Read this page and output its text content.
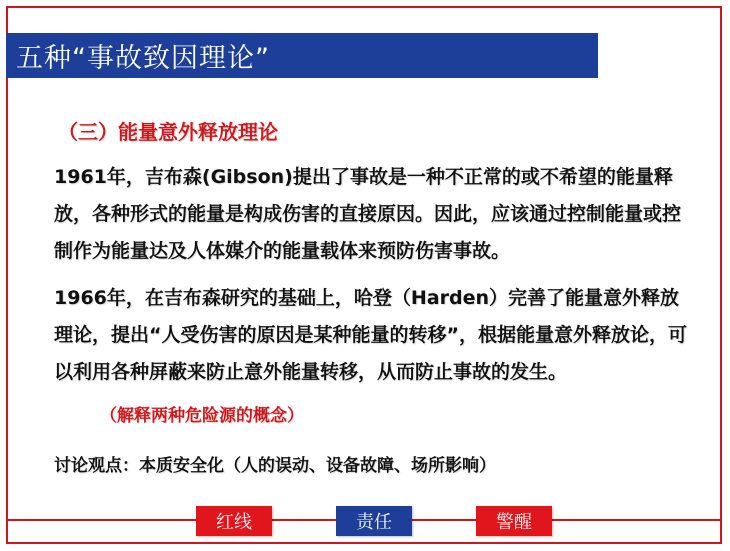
五种“事故致因理论”
（三）能量意外释放理论
1961年，吉布森(Gibson)提出了事故是一种不正常的或不希望的能量释放，各种形式的能量是构成伤害的直接原因。因此，应该通过控制能量或控制作为能量达及人体媒介的能量载体来预防伤害事故。
1966年，在吉布森研究的基础上，哈登（Harden）完善了能量意外释放理论，提出“人受伤害的原因是某种能量的转移”，根据能量意外释放论，可以利用各种屏蔽来防止意外能量转移，从而防止事故的发生。
（解释两种危险源的概念）
讨论观点：本质安全化（人的误动、设备故障、场所影响）
红线	责任	警醒
